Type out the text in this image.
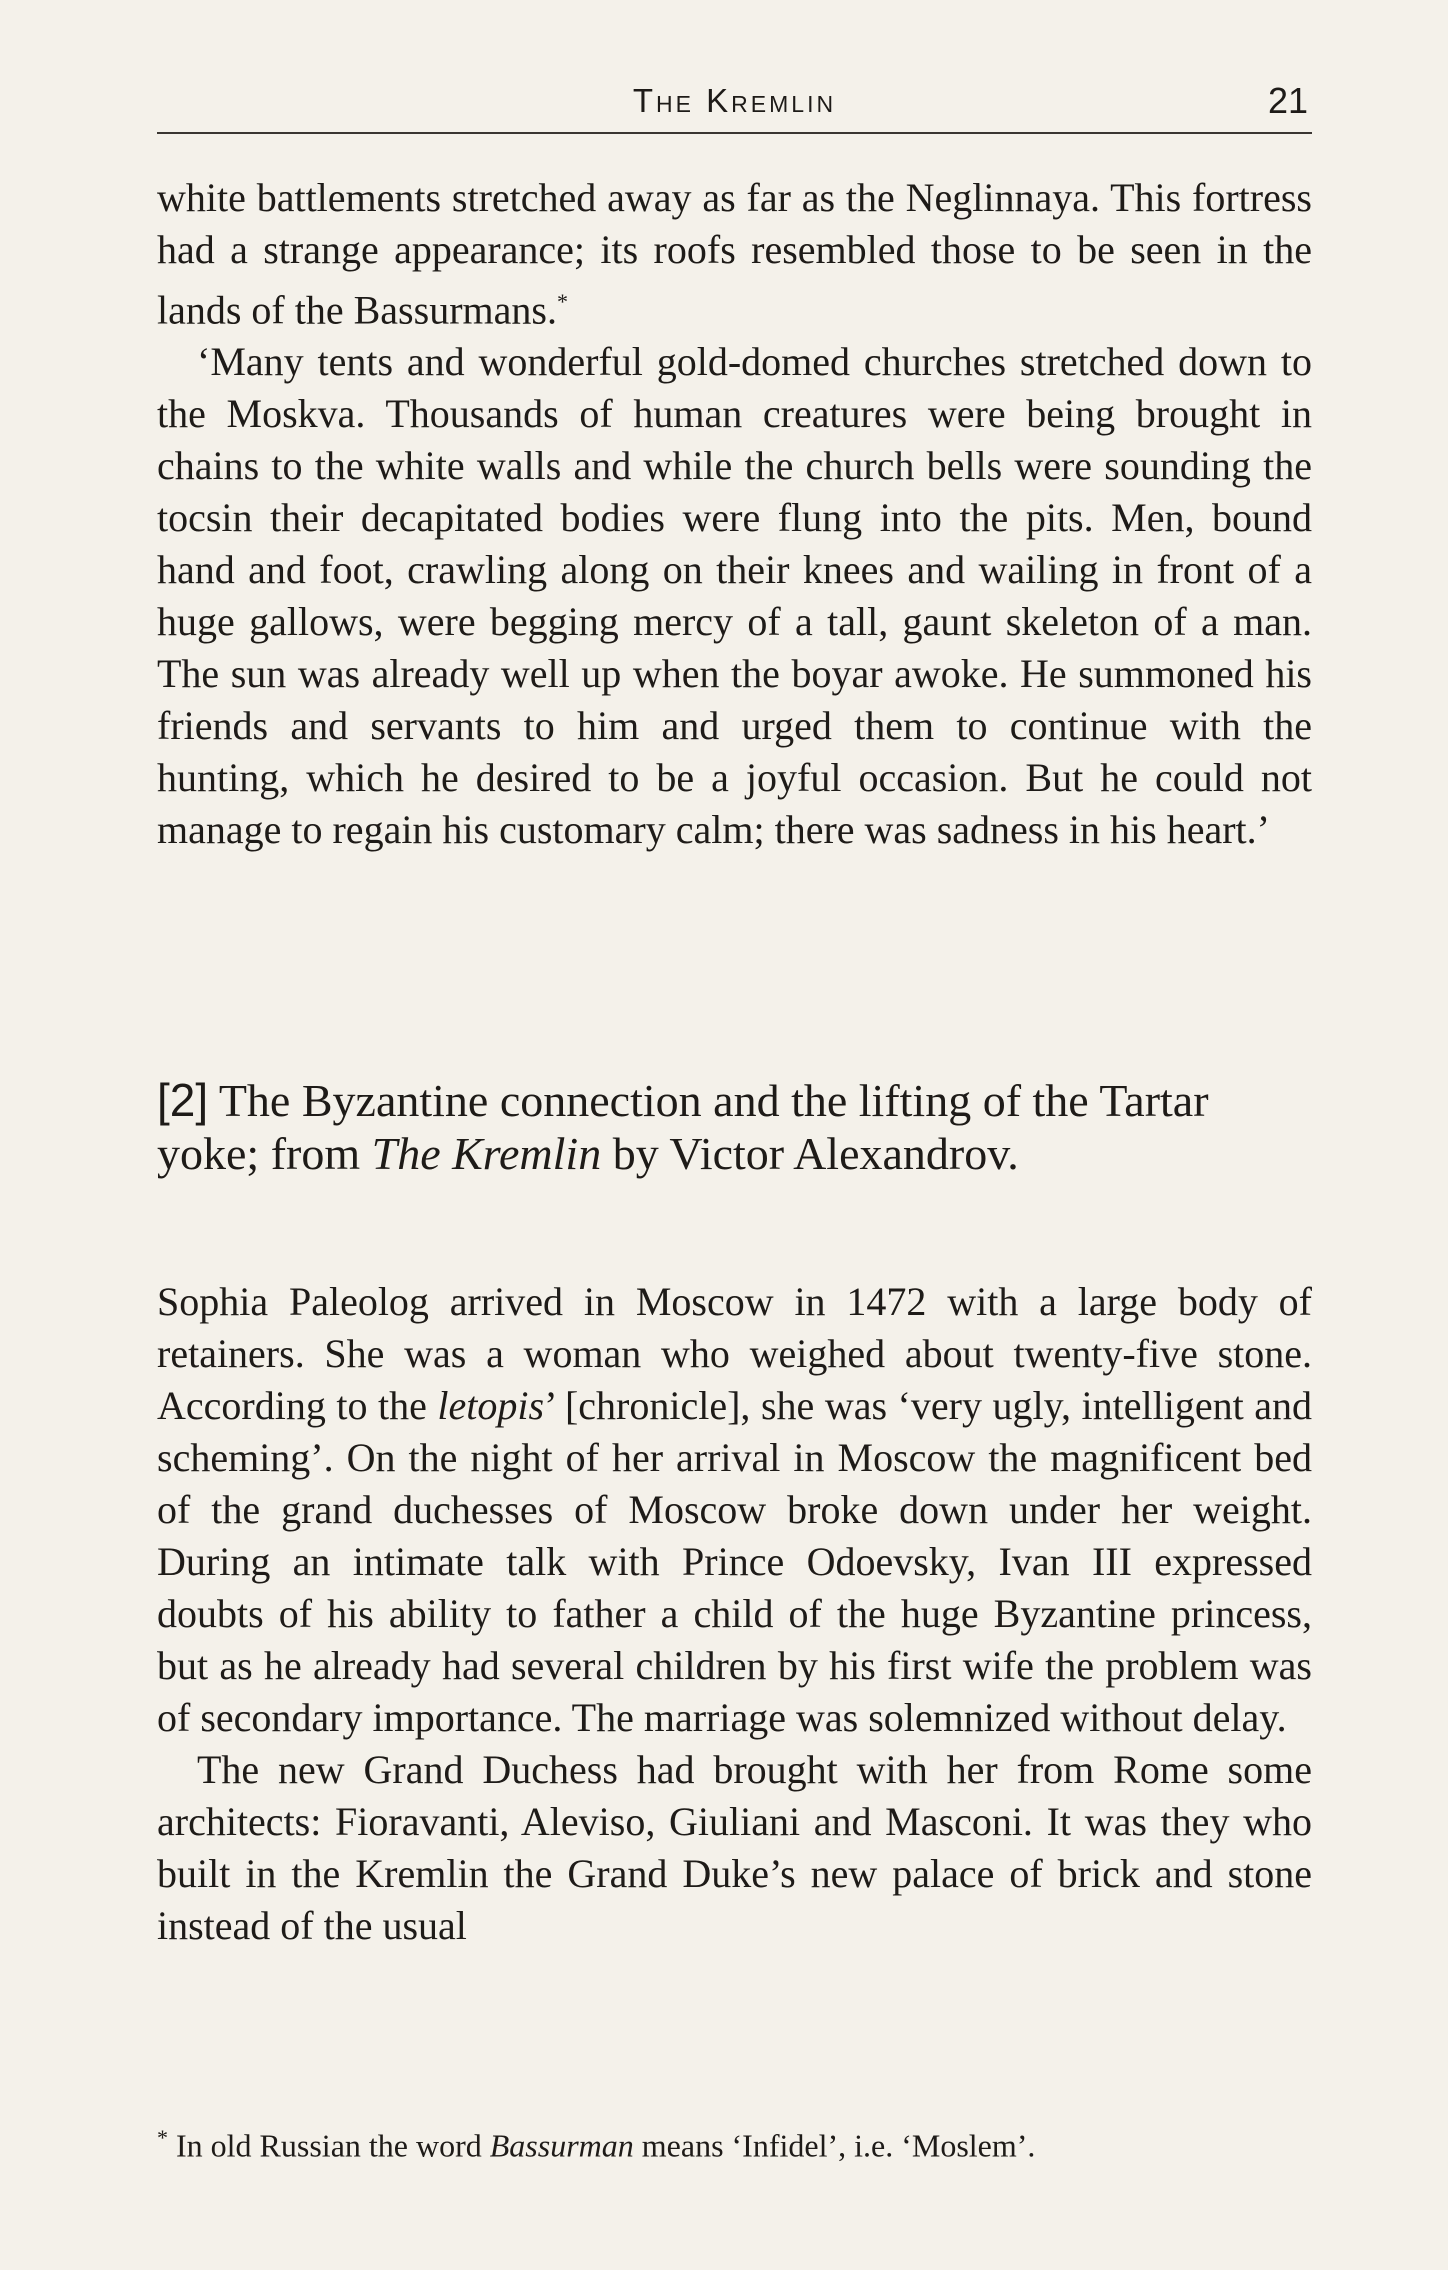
The Kremlin	21

white battlements stretched away as far as the Neglinnaya. This fortress had a strange appearance; its roofs resembled those to be seen in the lands of the Bassurmans.*

‘Many tents and wonderful gold-domed churches stretched down to the Moskva. Thousands of human creatures were being brought in chains to the white walls and while the church bells were sounding the tocsin their decapitated bodies were flung into the pits. Men, bound hand and foot, crawling along on their knees and wailing in front of a huge gallows, were begging mercy of a tall, gaunt skeleton of a man. The sun was already well up when the boyar awoke. He summoned his friends and servants to him and urged them to continue with the hunting, which he desired to be a joyful occasion. But he could not manage to regain his customary calm; there was sadness in his heart.’

[2] The Byzantine connection and the lifting of the Tartar yoke; from The Kremlin by Victor Alexandrov.

Sophia Paleolog arrived in Moscow in 1472 with a large body of retainers. She was a woman who weighed about twenty-five stone. According to the letopis’ [chronicle], she was ‘very ugly, intelligent and scheming’. On the night of her arrival in Moscow the magnificent bed of the grand duchesses of Moscow broke down under her weight. During an intimate talk with Prince Odoevsky, Ivan III expressed doubts of his ability to father a child of the huge Byzantine princess, but as he already had several children by his first wife the problem was of secondary importance. The marriage was solemnized without delay.

The new Grand Duchess had brought with her from Rome some architects: Fioravanti, Aleviso, Giuliani and Masconi. It was they who built in the Kremlin the Grand Duke’s new palace of brick and stone instead of the usual

* In old Russian the word Bassurman means ‘Infidel’, i.e. ‘Moslem’.
